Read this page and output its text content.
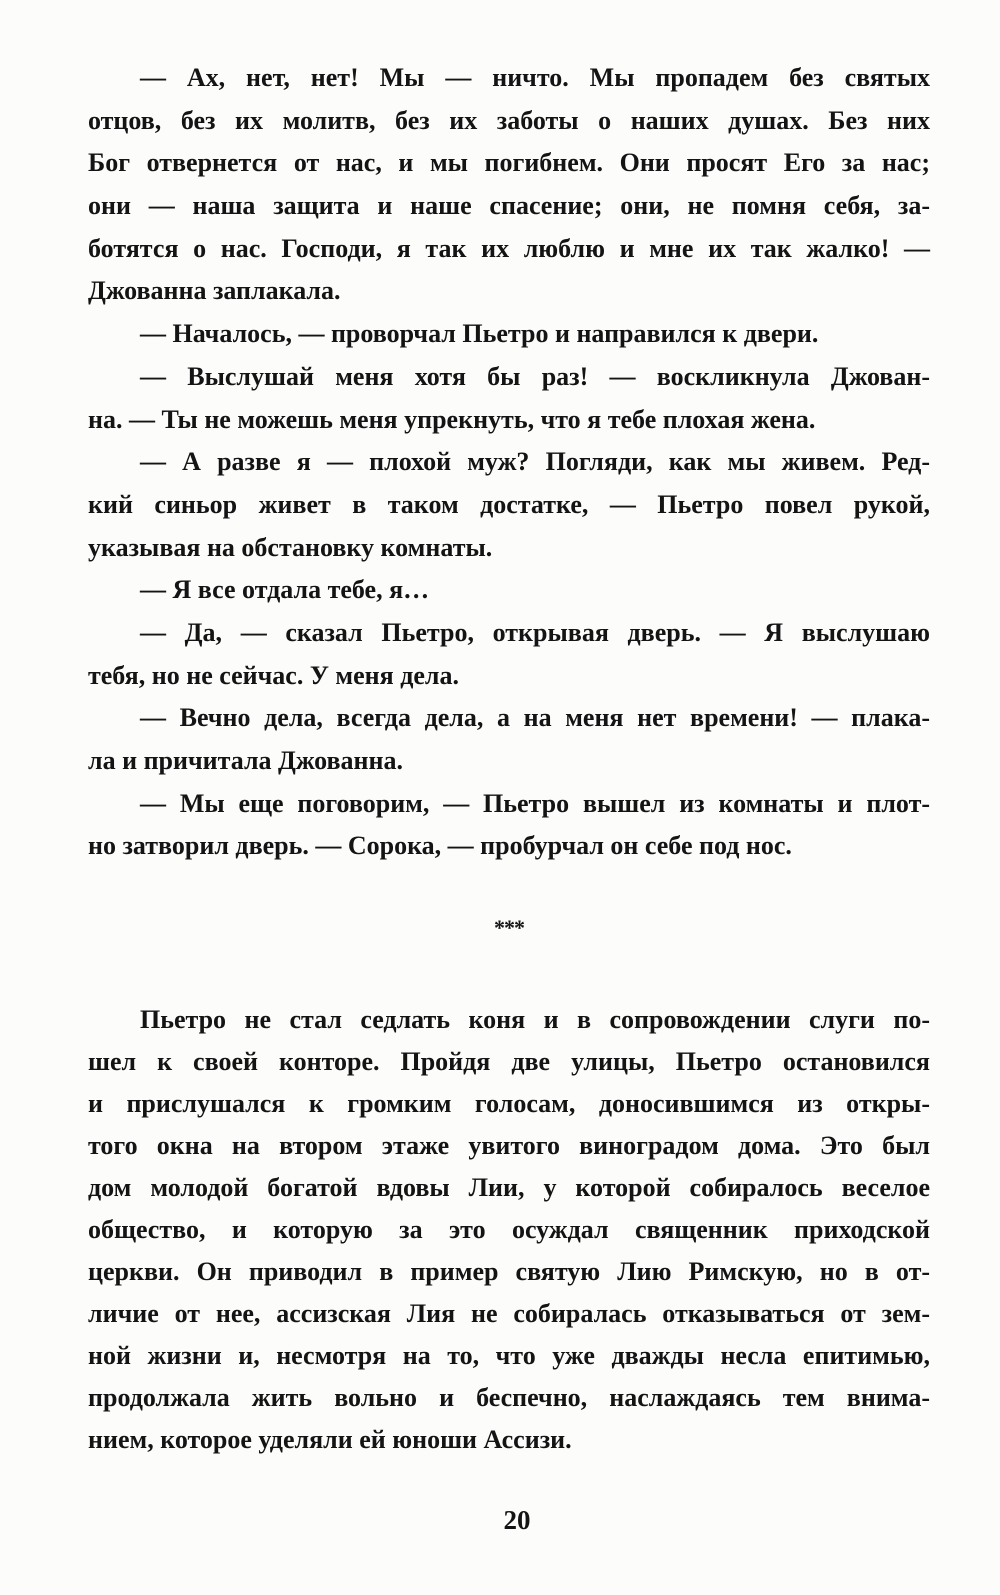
— Ах, нет, нет! Мы — ничто. Мы пропадем без святых
отцов, без их молитв, без их заботы о наших душах. Без них
Бог отвернется от нас, и мы погибнем. Они просят Его за нас;
они — наша защита и наше спасение; они, не помня себя, за-
ботятся о нас. Господи, я так их люблю и мне их так жалко! —
Джованна заплакала.
— Началось, — проворчал Пьетро и направился к двери.
— Выслушай меня хотя бы раз! — воскликнула Джован-
на. — Ты не можешь меня упрекнуть, что я тебе плохая жена.
— А разве я — плохой муж? Погляди, как мы живем. Ред-
кий синьор живет в таком достатке, — Пьетро повел рукой,
указывая на обстановку комнаты.
— Я все отдала тебе, я…
— Да, — сказал Пьетро, открывая дверь. — Я выслушаю
тебя, но не сейчас. У меня дела.
— Вечно дела, всегда дела, а на меня нет времени! — плака-
ла и причитала Джованна.
— Мы еще поговорим, — Пьетро вышел из комнаты и плот-
но затворил дверь. — Сорока, — пробурчал он себе под нос.
***
Пьетро не стал седлать коня и в сопровождении слуги по-
шел к своей конторе. Пройдя две улицы, Пьетро остановился
и прислушался к громким голосам, доносившимся из откры-
того окна на втором этаже увитого виноградом дома. Это был
дом молодой богатой вдовы Лии, у которой собиралось веселое
общество, и которую за это осуждал священник приходской
церкви. Он приводил в пример святую Лию Римскую, но в от-
личие от нее, ассизская Лия не собиралась отказываться от зем-
ной жизни и, несмотря на то, что уже дважды несла епитимью,
продолжала жить вольно и беспечно, наслаждаясь тем внима-
нием, которое уделяли ей юноши Ассизи.
20
